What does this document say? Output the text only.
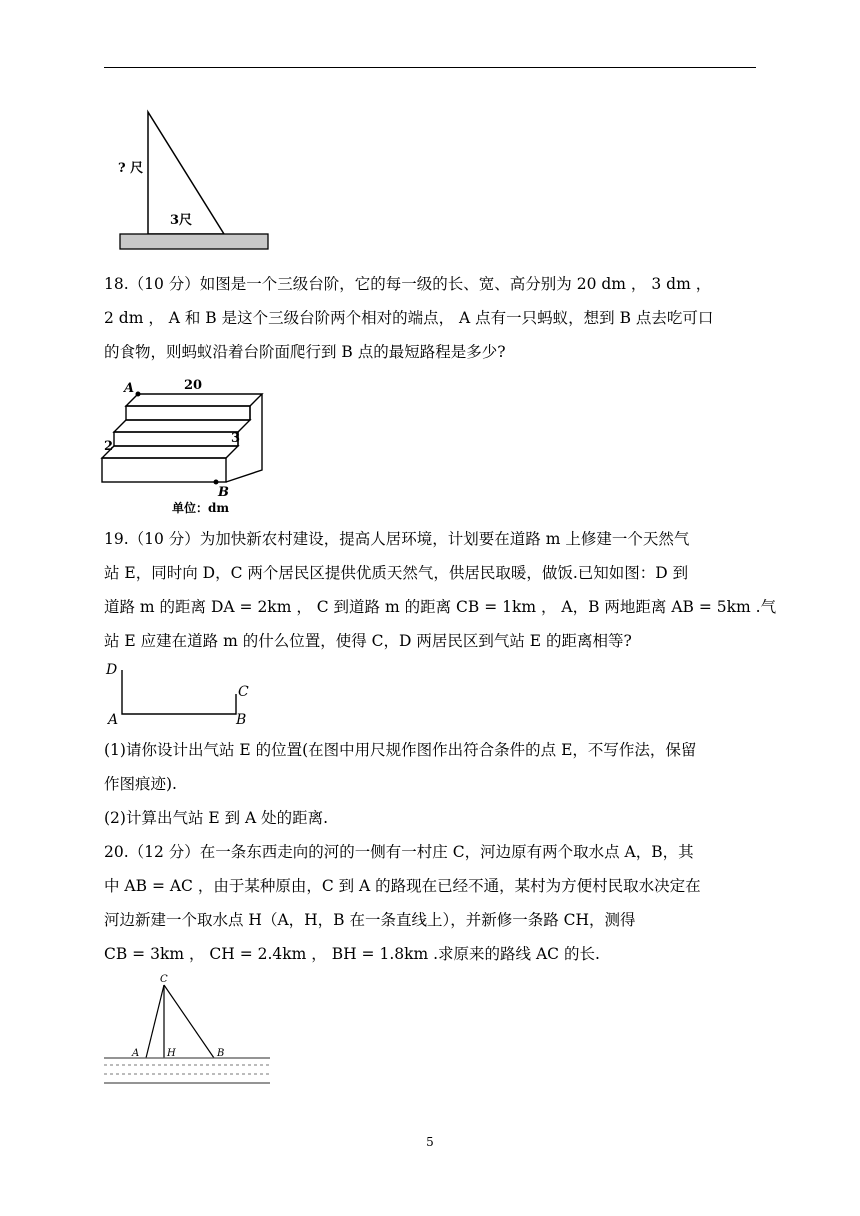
? 尺
3尺
18.（10 分）如图是一个三级台阶，它的每一级的长、宽、高分别为 20 dm ， 3 dm ，
2 dm ， A 和 B 是这个三级台阶两个相对的端点， A 点有一只蚂蚁，想到 B 点去吃可口
的食物，则蚂蚁沿着台阶面爬行到 B 点的最短路程是多少?
A	20
3
2
B
单位：dm
19.（10 分）为加快新农村建设，提高人居环境，计划要在道路 m 上修建一个天然气
站 E，同时向 D，C 两个居民区提供优质天然气，供居民取暖，做饭.已知如图：D 到
道路 m 的距离 DA = 2km ， C 到道路 m 的距离 CB = 1km ， A，B 两地距离 AB = 5km .气
站 E 应建在道路 m 的什么位置，使得 C，D 两居民区到气站 E 的距离相等?
D
C
A	B
(1)请你设计出气站 E 的位置(在图中用尺规作图作出符合条件的点 E，不写作法，保留
作图痕迹).
(2)计算出气站 E 到 A 处的距离.
20.（12 分）在一条东西走向的河的一侧有一村庄 C，河边原有两个取水点 A，B，其
中 AB = AC ，由于某种原由，C 到 A 的路现在已经不通，某村为方便村民取水决定在
河边新建一个取水点 H（A，H，B 在一条直线上），并新修一条路 CH，测得
CB = 3km ， CH = 2.4km ， BH = 1.8km .求原来的路线 AC 的长.
C
A	H	B
5
